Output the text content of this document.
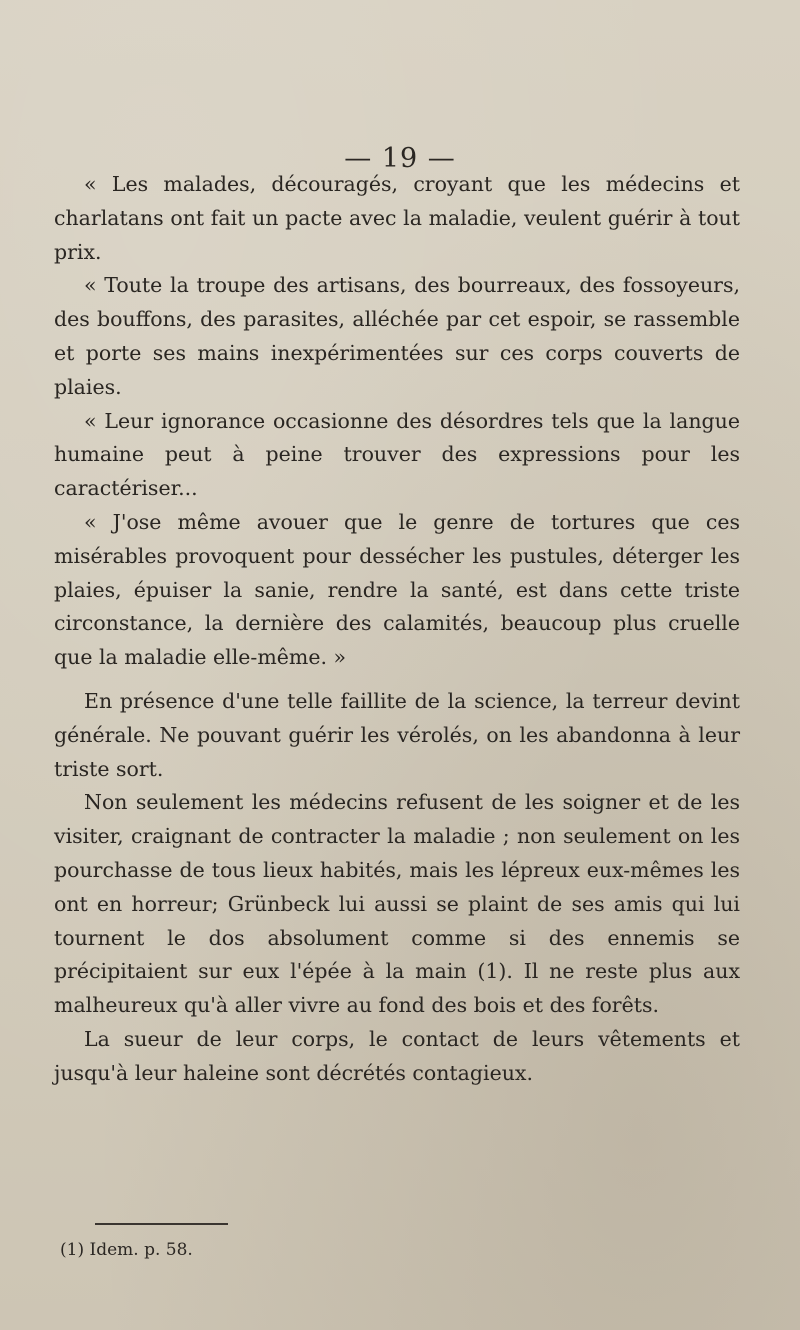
— 19 —

« Les malades, découragés, croyant que les médecins et charlatans ont fait un pacte avec la maladie, veulent guérir à tout prix.

« Toute la troupe des artisans, des bourreaux, des fossoyeurs, des bouffons, des parasites, alléchée par cet espoir, se rassemble et porte ses mains inexpérimentées sur ces corps couverts de plaies.

« Leur ignorance occasionne des désordres tels que la langue humaine peut à peine trouver des expressions pour les caractériser...

« J'ose même avouer que le genre de tortures que ces misérables provoquent pour dessécher les pustules, déterger les plaies, épuiser la sanie, rendre la santé, est dans cette triste circonstance, la dernière des calamités, beaucoup plus cruelle que la maladie elle-même. »

En présence d'une telle faillite de la science, la terreur devint générale. Ne pouvant guérir les vérolés, on les abandonna à leur triste sort.

Non seulement les médecins refusent de les soigner et de les visiter, craignant de contracter la maladie ; non seulement on les pourchasse de tous lieux habités, mais les lépreux eux-mêmes les ont en horreur; Grünbeck lui aussi se plaint de ses amis qui lui tournent le dos absolument comme si des ennemis se précipitaient sur eux l'épée à la main (1). Il ne reste plus aux malheureux qu'à aller vivre au fond des bois et des forêts.

La sueur de leur corps, le contact de leurs vêtements et jusqu'à leur haleine sont décrétés contagieux.

(1) Idem. p. 58.
